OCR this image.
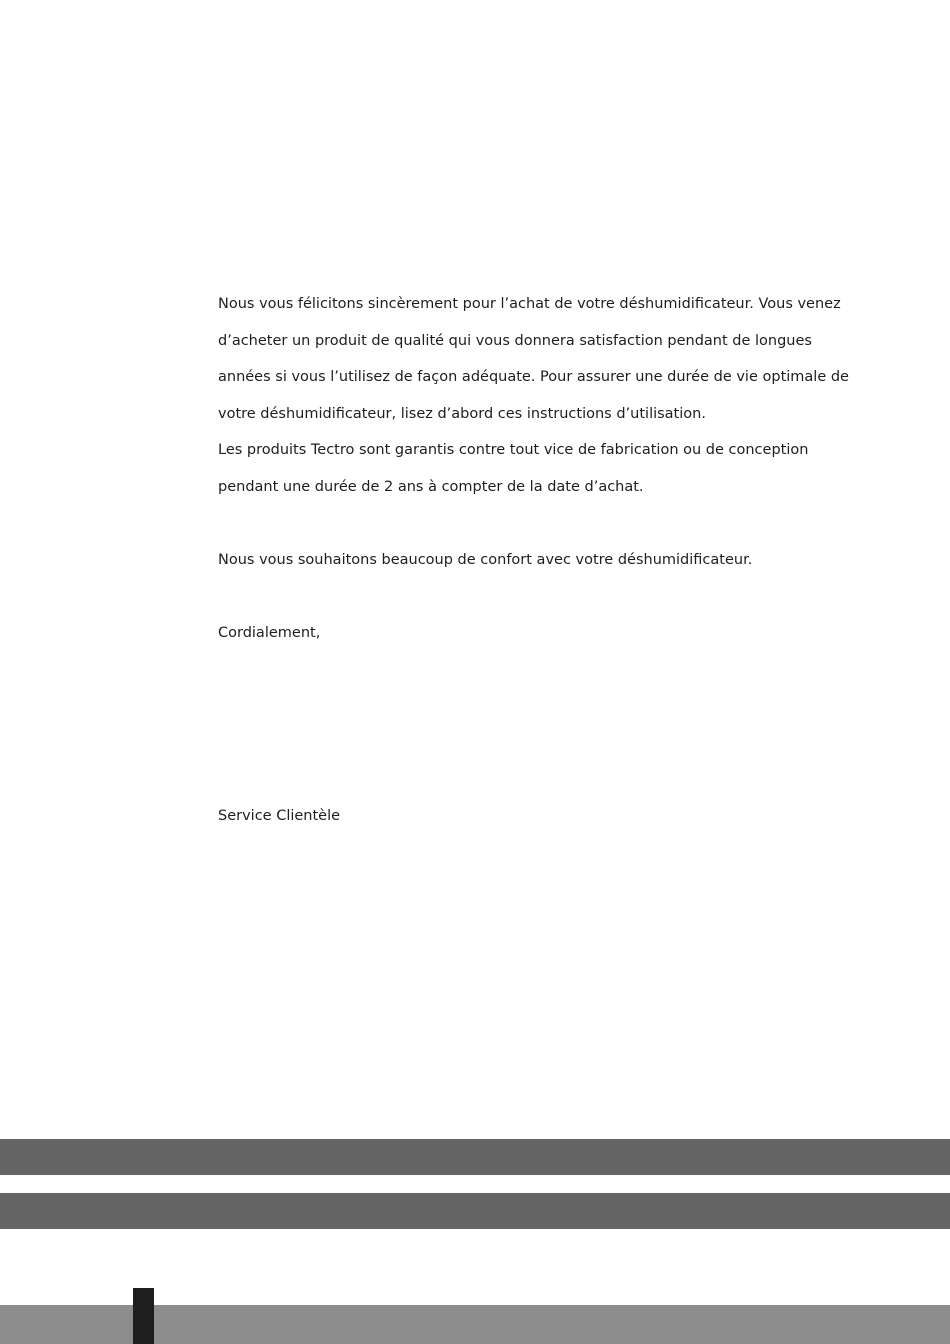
Nous vous félicitons sincèrement pour l’achat de votre déshumidificateur. Vous venez d’acheter un produit de qualité qui vous donnera satisfaction pendant de longues années si vous l’utilisez de façon adéquate. Pour assurer une durée de vie optimale de votre déshumidificateur, lisez d’abord ces instructions d’utilisation.

Les produits Tectro sont garantis contre tout vice de fabrication ou de conception pendant une durée de 2 ans à compter de la date d’achat.

Nous vous souhaitons beaucoup de confort avec votre déshumidificateur.

Cordialement,

Service Clientèle
